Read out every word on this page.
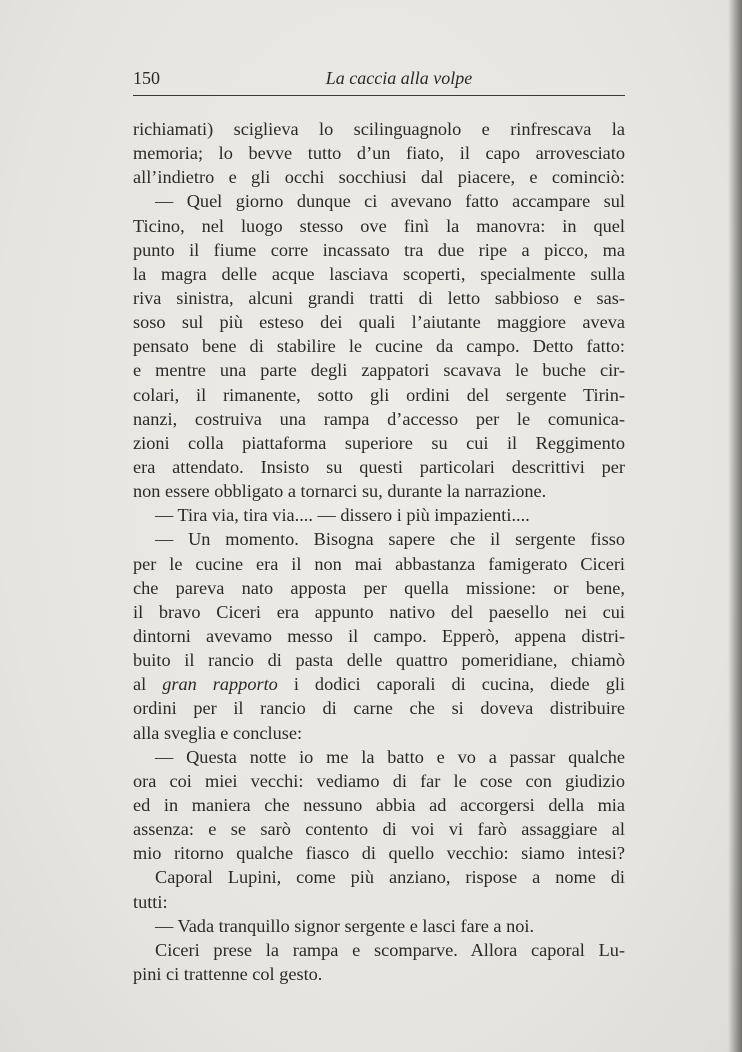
150	La caccia alla volpe
richiamati) sciglieva lo scilinguagnolo e rinfrescava la
memoria; lo bevve tutto d’un fiato, il capo arrovesciato
all’indietro e gli occhi socchiusi dal piacere, e cominciò:
— Quel giorno dunque ci avevano fatto accampare sul
Ticino, nel luogo stesso ove finì la manovra: in quel
punto il fiume corre incassato tra due ripe a picco, ma
la magra delle acque lasciava scoperti, specialmente sulla
riva sinistra, alcuni grandi tratti di letto sabbioso e sas-
soso sul più esteso dei quali l’aiutante maggiore aveva
pensato bene di stabilire le cucine da campo. Detto fatto:
e mentre una parte degli zappatori scavava le buche cir-
colari, il rimanente, sotto gli ordini del sergente Tirin-
nanzi, costruiva una rampa d’accesso per le comunica-
zioni colla piattaforma superiore su cui il Reggimento
era attendato. Insisto su questi particolari descrittivi per
non essere obbligato a tornarci su, durante la narrazione.
— Tira via, tira via.... — dissero i più impazienti....
— Un momento. Bisogna sapere che il sergente fisso
per le cucine era il non mai abbastanza famigerato Ciceri
che pareva nato apposta per quella missione: or bene,
il bravo Ciceri era appunto nativo del paesello nei cui
dintorni avevamo messo il campo. Epperò, appena distri-
buito il rancio di pasta delle quattro pomeridiane, chiamò
al gran rapporto i dodici caporali di cucina, diede gli
ordini per il rancio di carne che si doveva distribuire
alla sveglia e concluse:
— Questa notte io me la batto e vo a passar qualche
ora coi miei vecchi: vediamo di far le cose con giudizio
ed in maniera che nessuno abbia ad accorgersi della mia
assenza: e se sarò contento di voi vi farò assaggiare al
mio ritorno qualche fiasco di quello vecchio: siamo intesi?
Caporal Lupini, come più anziano, rispose a nome di
tutti:
— Vada tranquillo signor sergente e lasci fare a noi.
Ciceri prese la rampa e scomparve. Allora caporal Lu-
pini ci trattenne col gesto.
